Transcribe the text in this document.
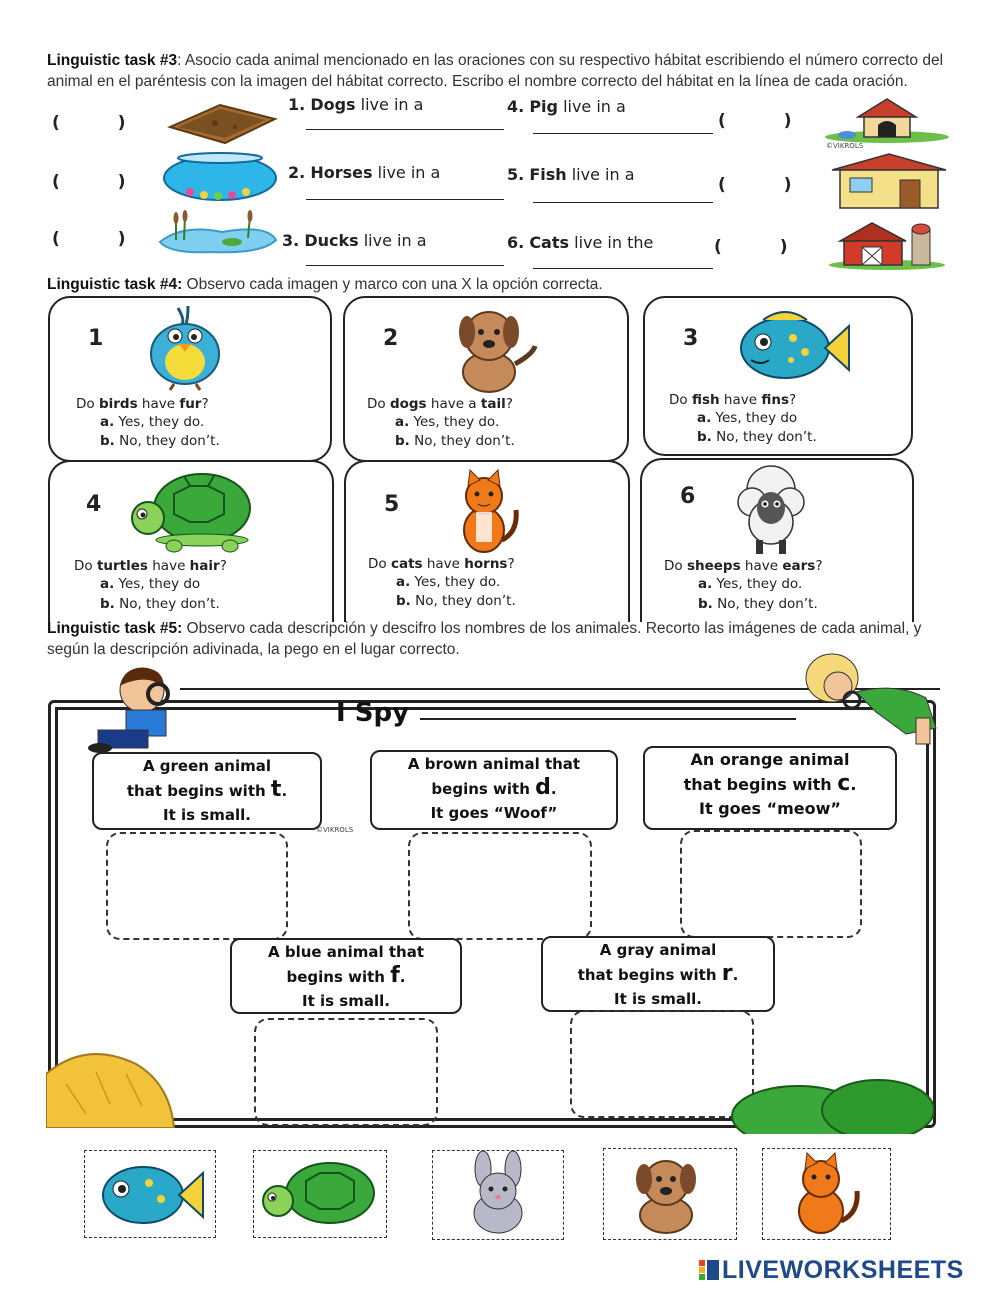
Linguistic task #3: Asocio cada animal mencionado en las oraciones con su respectivo hábitat escribiendo el número correcto del animal en el paréntesis con la imagen del hábitat correcto. Escribo el nombre correcto del hábitat en la línea de cada oración.
( )
( )
( )
1. Dogs live in a
2. Horses live in a
3. Ducks live in a
4. Pig live in a
5. Fish live in a
6. Cats live in the
( )
( )
( )
©VIKROLS
Linguistic task #4: Observo cada imagen y marco con una X la opción correcta.
1
Do birds have fur?
a. Yes, they do.
b. No, they don’t.
2
Do dogs have a tail?
a. Yes, they do.
b. No, they don’t.
3
Do fish have fins?
a. Yes, they do
b. No, they don’t.
4
Do turtles have hair?
a. Yes, they do
b. No, they don’t.
5
Do cats have horns?
a. Yes, they do.
b. No, they don’t.
6
Do sheeps have ears?
a. Yes, they do.
b. No, they don’t.
Linguistic task #5: Observo cada descripción y descifro los nombres de los animales. Recorto las imágenes de cada animal, y según la descripción adivinada, la pego en el lugar correcto.
I Spy
A green animal
that begins with t.
It is small.
A brown animal that
begins with d.
It goes “Woof”
An orange animal
that begins with c.
It goes “meow”
©VIKROLS
A blue animal that
begins with f.
It is small.
A gray animal
that begins with r.
It is small.
LIVEWORKSHEETS
